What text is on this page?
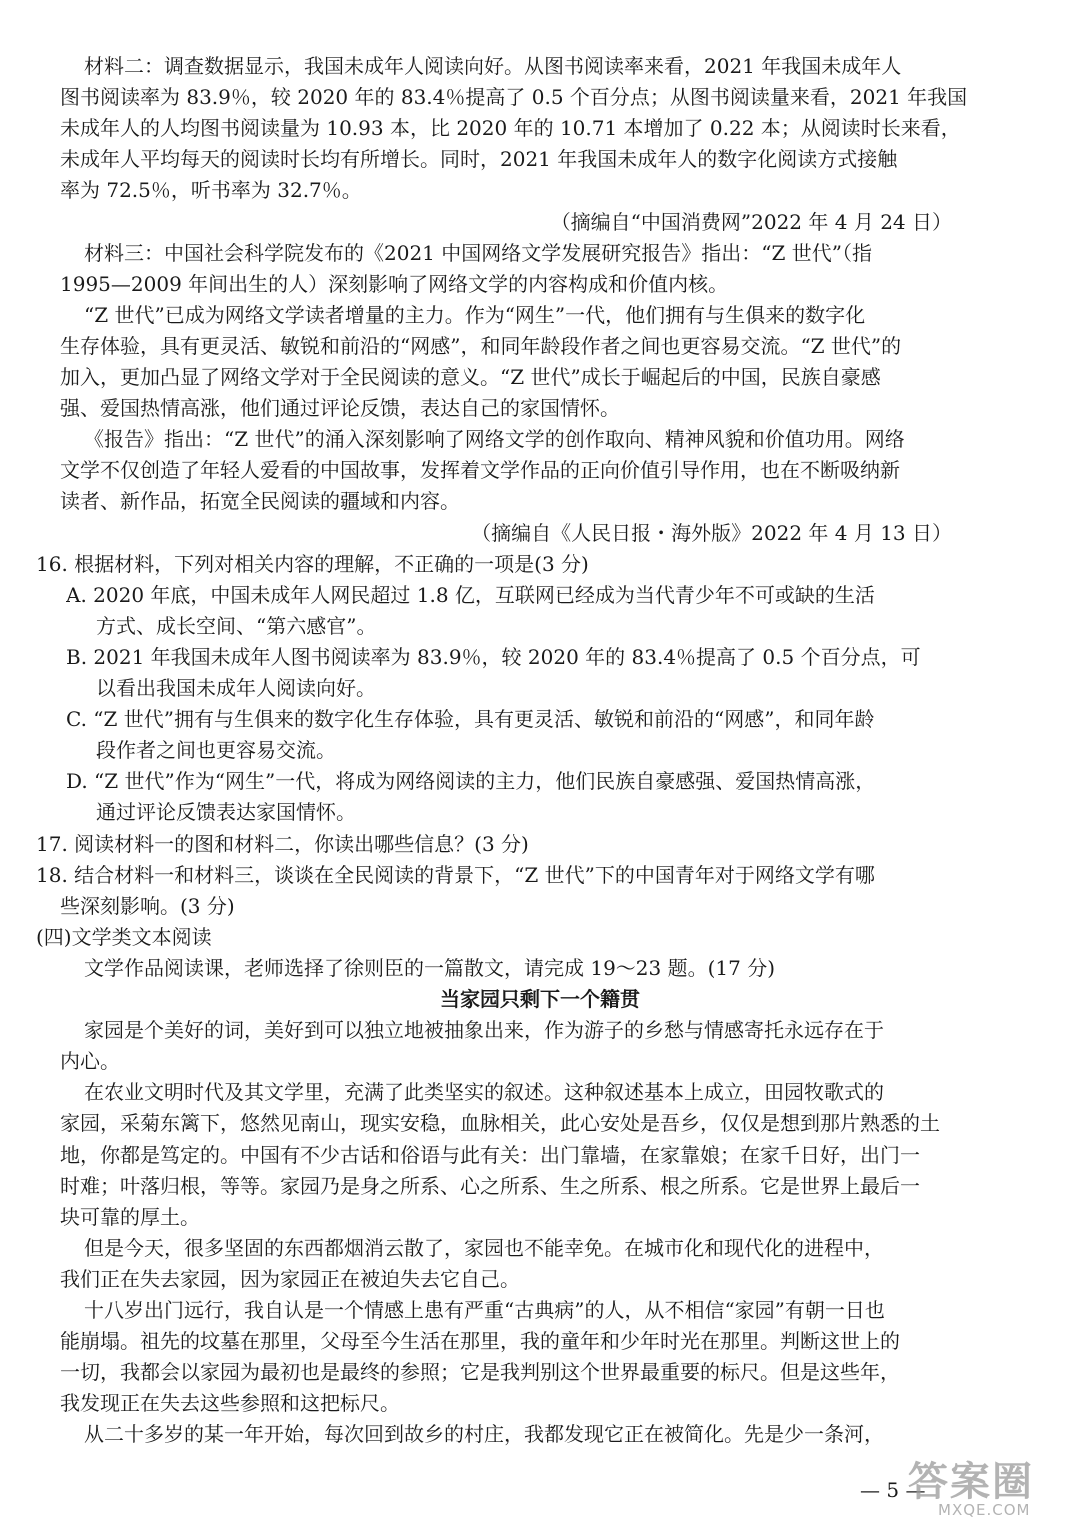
材料二：调查数据显示，我国未成年人阅读向好。从图书阅读率来看，2021 年我国未成年人
图书阅读率为 83.9％，较 2020 年的 83.4％提高了 0.5 个百分点；从图书阅读量来看，2021 年我国
未成年人的人均图书阅读量为 10.93 本，比 2020 年的 10.71 本增加了 0.22 本；从阅读时长来看，
未成年人平均每天的阅读时长均有所增长。同时，2021 年我国未成年人的数字化阅读方式接触
率为 72.5％，听书率为 32.7％。
（摘编自“中国消费网”2022 年 4 月 24 日）
材料三：中国社会科学院发布的《2021 中国网络文学发展研究报告》指出：“Z 世代”（指
1995—2009 年间出生的人）深刻影响了网络文学的内容构成和价值内核。
“Z 世代”已成为网络文学读者增量的主力。作为“网生”一代，他们拥有与生俱来的数字化
生存体验，具有更灵活、敏锐和前沿的“网感”，和同年龄段作者之间也更容易交流。“Z 世代”的
加入，更加凸显了网络文学对于全民阅读的意义。“Z 世代”成长于崛起后的中国，民族自豪感
强、爱国热情高涨，他们通过评论反馈，表达自己的家国情怀。
《报告》指出：“Z 世代”的涌入深刻影响了网络文学的创作取向、精神风貌和价值功用。网络
文学不仅创造了年轻人爱看的中国故事，发挥着文学作品的正向价值引导作用，也在不断吸纳新
读者、新作品，拓宽全民阅读的疆域和内容。
（摘编自《人民日报・海外版》2022 年 4 月 13 日）
16. 根据材料，下列对相关内容的理解，不正确的一项是(3 分)
A. 2020 年底，中国未成年人网民超过 1.8 亿，互联网已经成为当代青少年不可或缺的生活
方式、成长空间、“第六感官”。
B. 2021 年我国未成年人图书阅读率为 83.9％，较 2020 年的 83.4％提高了 0.5 个百分点，可
以看出我国未成年人阅读向好。
C. “Z 世代”拥有与生俱来的数字化生存体验，具有更灵活、敏锐和前沿的“网感”，和同年龄
段作者之间也更容易交流。
D. “Z 世代”作为“网生”一代，将成为网络阅读的主力，他们民族自豪感强、爱国热情高涨，
通过评论反馈表达家国情怀。
17. 阅读材料一的图和材料二，你读出哪些信息？(3 分)
18. 结合材料一和材料三，谈谈在全民阅读的背景下，“Z 世代”下的中国青年对于网络文学有哪
些深刻影响。(3 分)
(四)文学类文本阅读
文学作品阅读课，老师选择了徐则臣的一篇散文，请完成 19～23 题。(17 分)
当家园只剩下一个籍贯
家园是个美好的词，美好到可以独立地被抽象出来，作为游子的乡愁与情感寄托永远存在于
内心。
在农业文明时代及其文学里，充满了此类坚实的叙述。这种叙述基本上成立，田园牧歌式的
家园，采菊东篱下，悠然见南山，现实安稳，血脉相关，此心安处是吾乡，仅仅是想到那片熟悉的土
地，你都是笃定的。中国有不少古话和俗语与此有关：出门靠墙，在家靠娘；在家千日好，出门一
时难；叶落归根，等等。家园乃是身之所系、心之所系、生之所系、根之所系。它是世界上最后一
块可靠的厚土。
但是今天，很多坚固的东西都烟消云散了，家园也不能幸免。在城市化和现代化的进程中，
我们正在失去家园，因为家园正在被迫失去它自己。
十八岁出门远行，我自认是一个情感上患有严重“古典病”的人，从不相信“家园”有朝一日也
能崩塌。祖先的坟墓在那里，父母至今生活在那里，我的童年和少年时光在那里。判断这世上的
一切，我都会以家园为最初也是最终的参照；它是我判别这个世界最重要的标尺。但是这些年，
我发现正在失去这些参照和这把标尺。
从二十多岁的某一年开始，每次回到故乡的村庄，我都发现它正在被简化。先是少一条河，
— 5 —
答案圈
MXQE.COM
